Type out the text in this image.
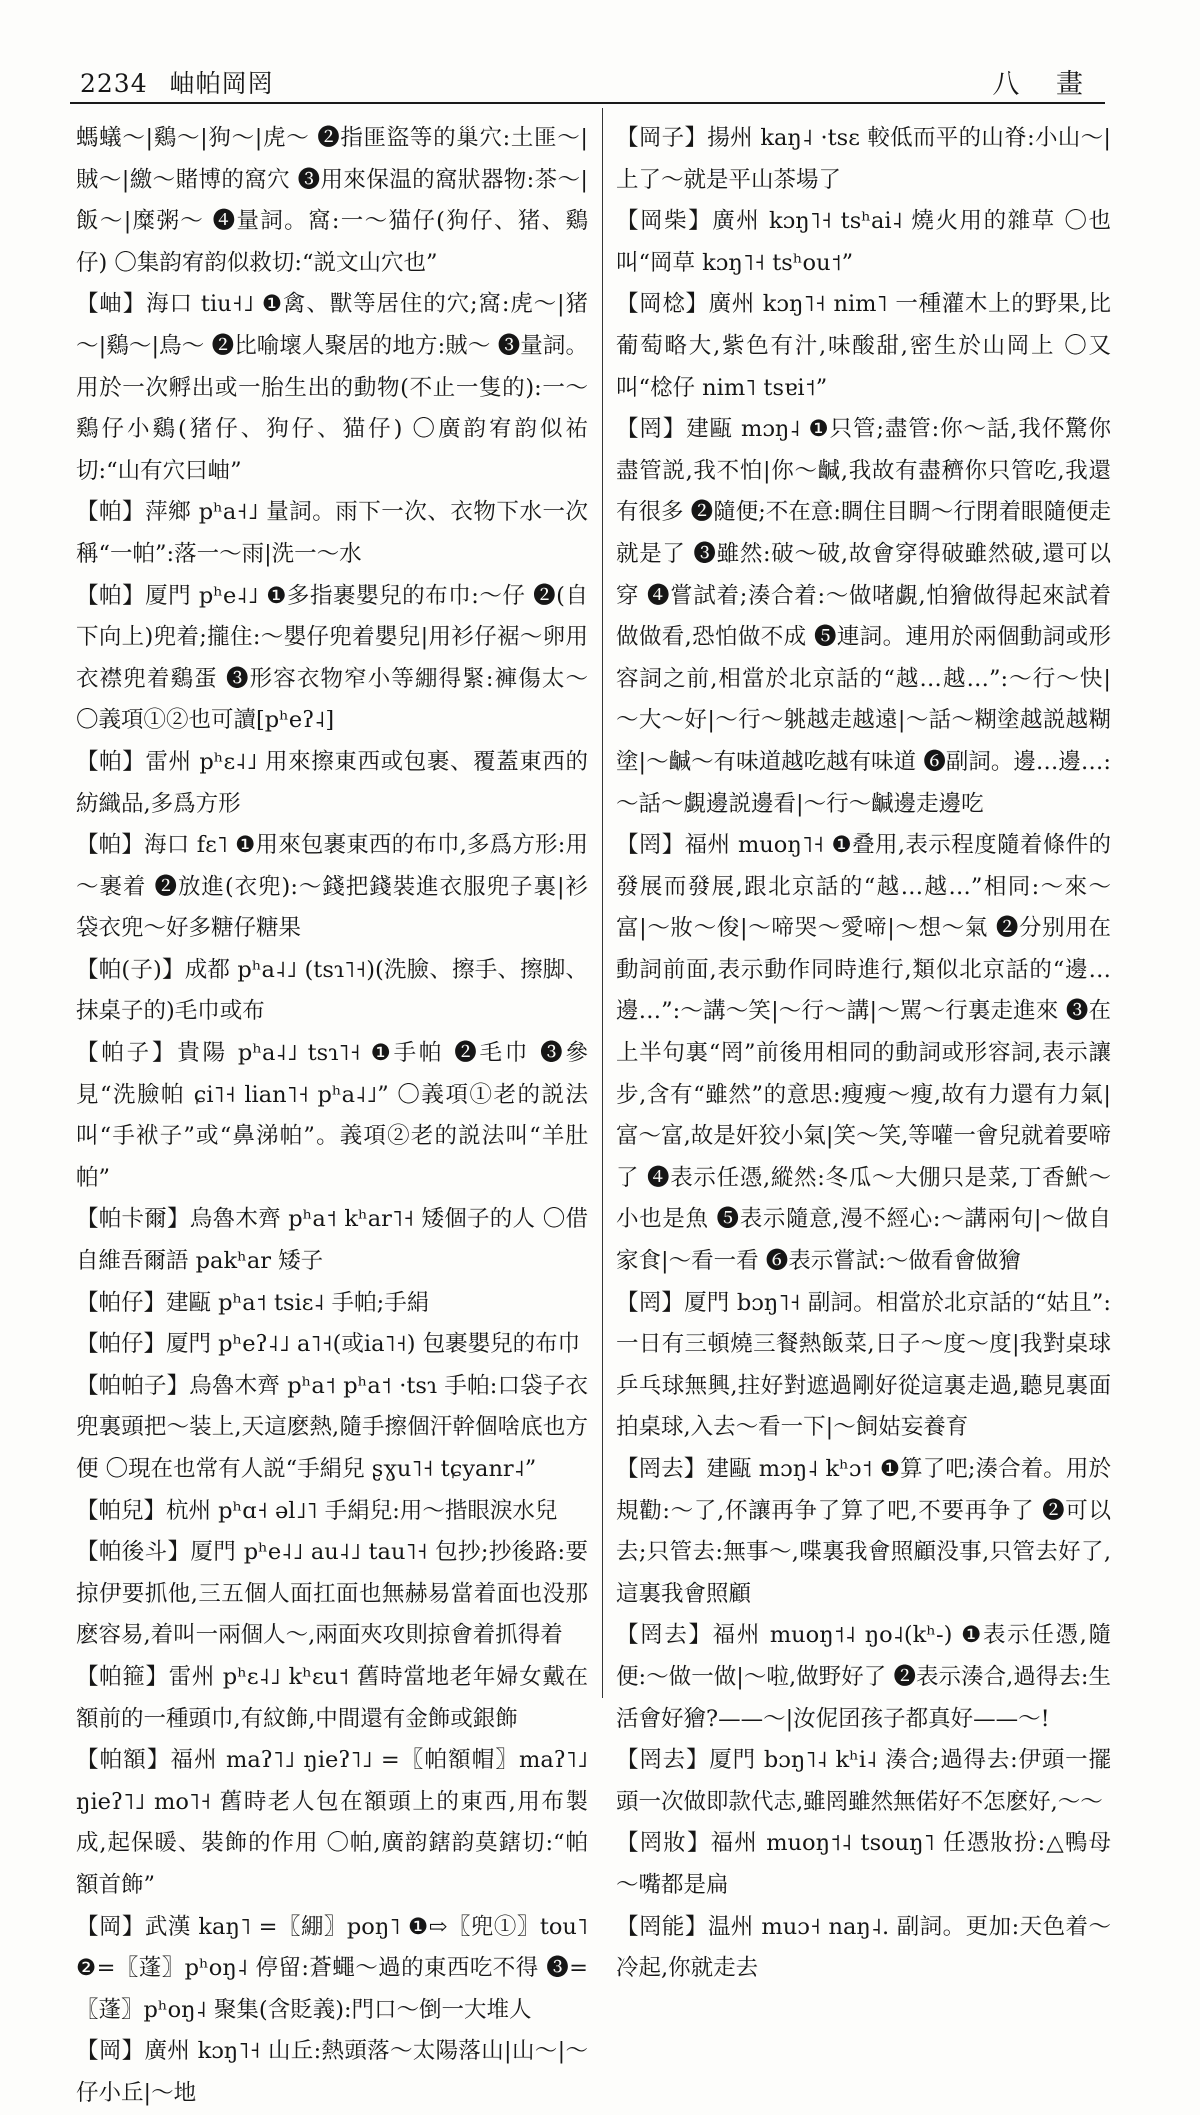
2234 岫帕岡罔	八 畫

螞蟻～|鷄～|狗～|虎～ ❷指匪盜等的巢穴:土匪～|賊～|繳～賭博的窩穴 ❸用來保温的窩狀器物:茶～|飯～|糜粥～ ❹量詞。窩:一～猫仔(狗仔、猪、鷄仔) 〇集韵宥韵似救切:“説文山穴也”

【岫】海口 tiu˧˩ ❶禽、獸等居住的穴;窩:虎～|猪～|鷄～|鳥～ ❷比喻壞人聚居的地方:賊～ ❸量詞。用於一次孵出或一胎生出的動物(不止一隻的):一～鷄仔小鷄(猪仔、狗仔、猫仔) 〇廣韵宥韵似祐切:“山有穴曰岫”

【帕】萍鄉 pʰa˧˩ 量詞。雨下一次、衣物下水一次稱“一帕”:落一～雨|洗一～水

【帕】厦門 pʰe˨˩ ❶多指裹嬰兒的布巾:～仔 ❷(自下向上)兜着;攏住:～嬰仔兜着嬰兒|用衫仔裾～卵用衣襟兜着鷄蛋 ❸形容衣物窄小等綳得緊:褲傷太～ 〇義項①②也可讀[pʰeʔ˨]

【帕】雷州 pʰɛ˨˩ 用來擦東西或包裹、覆蓋東西的紡織品,多爲方形

【帕】海口 fɛ˥ ❶用來包裹東西的布巾,多爲方形:用～裹着 ❷放進(衣兜):～錢把錢裝進衣服兜子裏|衫袋衣兜～好多糖仔糖果

【帕(子)】成都 pʰa˨˩ (tsɿ˥˧)(洗臉、擦手、擦脚、抹桌子的)毛巾或布

【帕子】貴陽 pʰa˨˩ tsɿ˥˧ ❶手帕 ❷毛巾 ❸參見“洗臉帕 ɕi˥˧ lian˥˧ pʰa˨˩” 〇義項①老的説法叫“手袱子”或“鼻涕帕”。義項②老的説法叫“羊肚帕”

【帕卡爾】烏魯木齊 pʰa˦ kʰar˥˧ 矮個子的人 〇借自維吾爾語 pakʰar 矮子

【帕仔】建甌 pʰa˦ tsiɛ˨ 手帕;手絹

【帕仔】厦門 pʰeʔ˨˩ a˥˧(或ia˥˧) 包裹嬰兒的布巾

【帕帕子】烏魯木齊 pʰa˦ pʰa˦ ·tsɿ 手帕:口袋子衣兜裏頭把～装上,天這麽熱,隨手擦個汗幹個啥底也方便 〇現在也常有人説“手絹兒 ʂɣu˥˧ tɕyanr˨”

【帕兒】杭州 pʰɑ˧ əl˩˥ 手絹兒:用～揩眼淚水兒

【帕後斗】厦門 pʰe˨˩ au˨˩ tau˥˧ 包抄;抄後路:要掠伊要抓他,三五個人面扛面也無赫易當着面也没那麽容易,着叫一兩個人～,兩面夾攻則掠會着抓得着

【帕箍】雷州 pʰɛ˨˩ kʰɛu˦ 舊時當地老年婦女戴在額前的一種頭巾,有紋飾,中間還有金飾或銀飾

【帕額】福州 maʔ˥˩ ŋieʔ˥˩ =〖帕額帽〗maʔ˥˩ ŋieʔ˥˩ mo˥˧ 舊時老人包在額頭上的東西,用布製成,起保暖、裝飾的作用 〇帕,廣韵鎋韵莫鎋切:“帕額首飾”

【岡】武漢 kaŋ˥ =〖綳〗poŋ˥ ❶⇨〖兜①〗tou˥ ❷=〖蓬〗pʰoŋ˨ 停留:蒼蠅～過的東西吃不得 ❸=〖蓬〗pʰoŋ˨ 聚集(含貶義):門口～倒一大堆人

【岡】廣州 kɔŋ˥˧ 山丘:熱頭落～太陽落山|山～|～仔小丘|～地

【岡子】揚州 kaŋ˨ ·tsɛ 較低而平的山脊:小山～|上了～就是平山茶場了

【岡柴】廣州 kɔŋ˥˧ tsʰai˨ 燒火用的雜草 〇也叫“岡草 kɔŋ˥˧ tsʰou˦”

【岡棯】廣州 kɔŋ˥˧ nim˥ 一種灌木上的野果,比葡萄略大,紫色有汁,味酸甜,密生於山岡上 〇又叫“棯仔 nim˥ tsɐi˦”

【罔】建甌 mɔŋ˨ ❶只管;盡管:你～話,我伓驚你盡管説,我不怕|你～䶢,我故有盡穧你只管吃,我還有很多 ❷隨便;不在意:睭住目睭～行閉着眼隨便走就是了 ❸雖然:破～破,故會穿得破雖然破,還可以穿 ❹嘗試着;湊合着:～做啫覷,怕獪做得起來試着做做看,恐怕做不成 ❺連詞。連用於兩個動詞或形容詞之前,相當於北京話的“越…越…”:～行～快|～大～好|～行～䠷越走越遠|～話～糊塗越説越糊塗|～䶢～有味道越吃越有味道 ❻副詞。邊…邊…:～話～覷邊説邊看|～行～䶢邊走邊吃

【罔】福州 muoŋ˥˧ ❶叠用,表示程度隨着條件的發展而發展,跟北京話的“越…越…”相同:～來～富|～妝～俊|～啼哭～愛啼|～想～氣 ❷分别用在動詞前面,表示動作同時進行,類似北京話的“邊…邊…”:～講～笑|～行～講|～駡～行裏走進來 ❸在上半句裏“罔”前後用相同的動詞或形容詞,表示讓步,含有“雖然”的意思:瘦瘦～瘦,故有力還有力氣|富～富,故是奸狡小氣|笑～笑,等嚾一會兒就着要啼了 ❹表示任憑,縱然:冬瓜～大倗只是菜,丁香鮘～小也是魚 ❺表示隨意,漫不經心:～講兩句|～做自家食|～看一看 ❻表示嘗試:～做看會做獪

【罔】厦門 bɔŋ˥˧ 副詞。相當於北京話的“姑且”:一日有三頓燒三餐熱飯菜,日子～度～度|我對桌球乒乓球無興,拄好對遮過剛好從這裏走過,聽見裏面拍桌球,入去～看一下|～飼姑妄養育

【罔去】建甌 mɔŋ˨ kʰɔ˦ ❶算了吧;湊合着。用於規勸:～了,伓讓再争了算了吧,不要再争了 ❷可以去;只管去:無事～,喋裏我會照顧没事,只管去好了,這裏我會照顧

【罔去】福州 muoŋ˦˨ ŋo˨(kʰ-) ❶表示任憑,隨便:～做一做|～啦,做野好了 ❷表示湊合,過得去:生活會好獪?——～|汝伲囝孩子都真好——～!

【罔去】厦門 bɔŋ˥˨ kʰi˨ 湊合;過得去:伊頭一擺頭一次做即款代志,雖罔雖然無偌好不怎麽好,～～

【罔妝】福州 muoŋ˦˨ tsouŋ˥ 任憑妝扮:△鴨母～嘴都是扁

【罔能】温州 muɔ˧ naŋ˨. 副詞。更加:天色着～冷起,你就走去
